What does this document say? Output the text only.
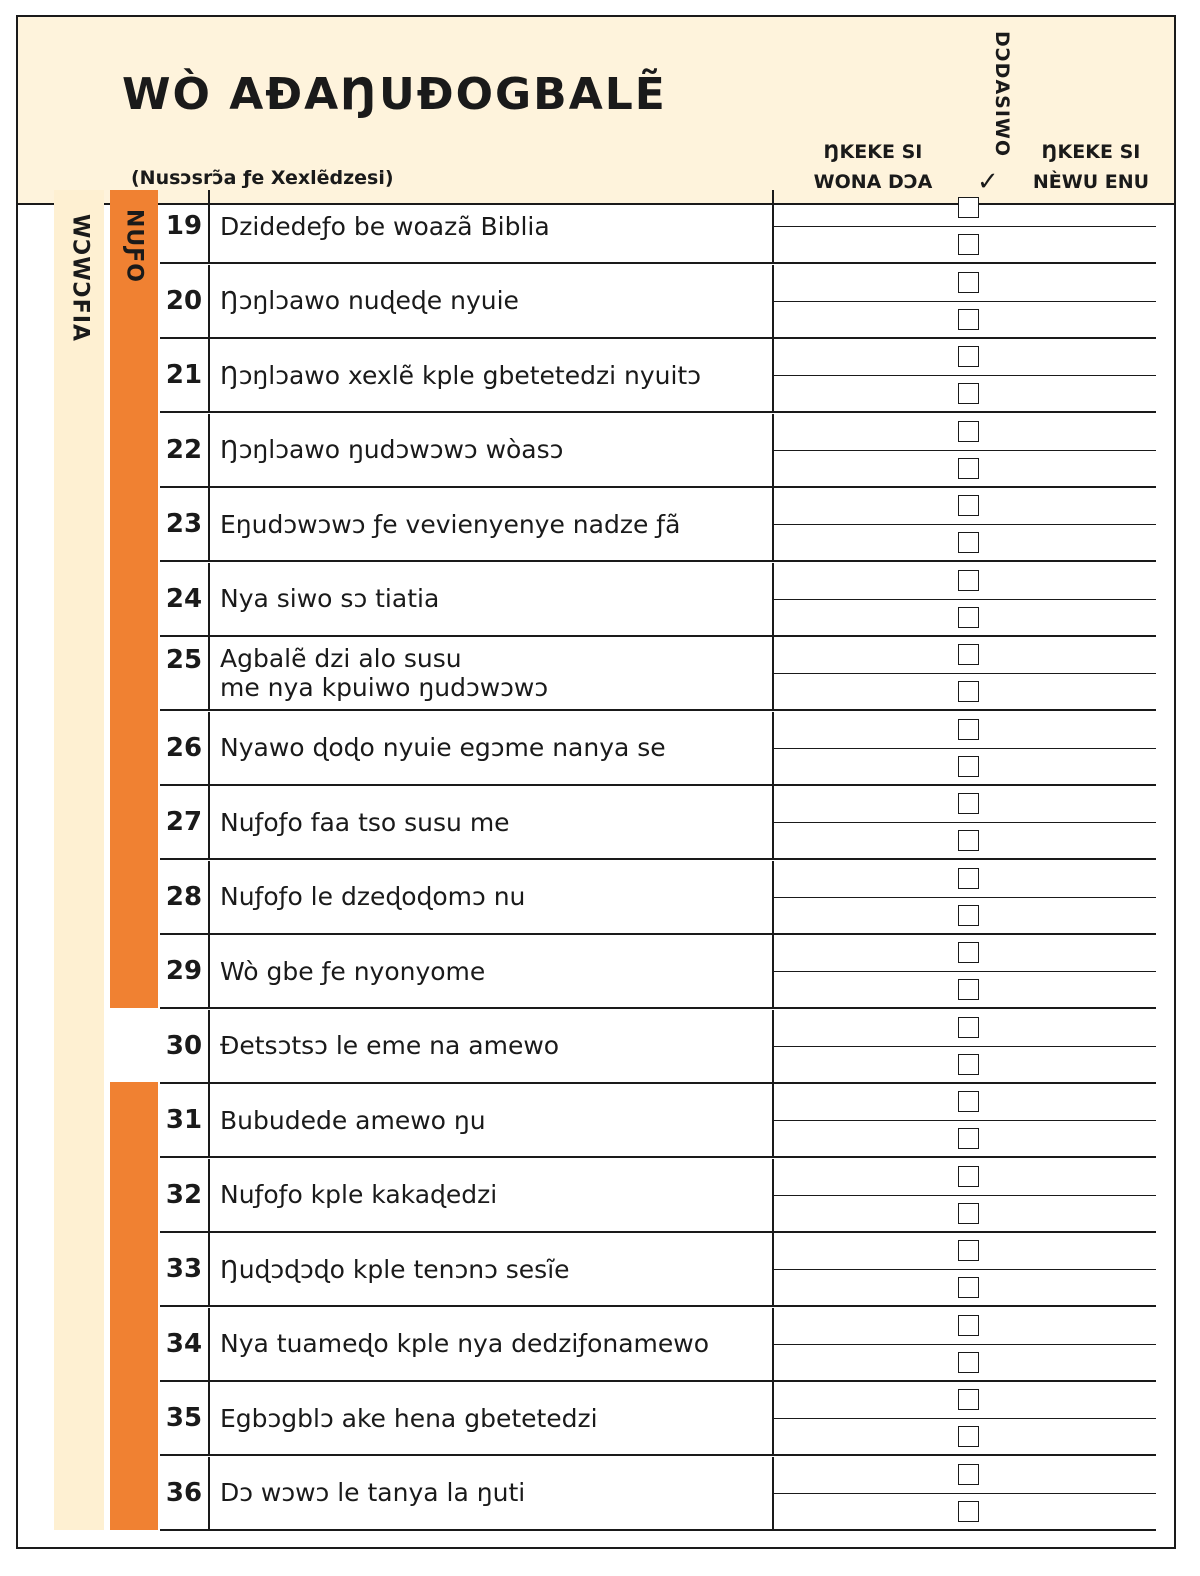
WÒ AƉAŊUƉOGBALẼ
(Nusɔsrɔ̃a ƒe Xexlẽdzesi)
ŊKEKE SI
WONA DƆA
DƆDASIWO
✓
ŊKEKE SI
NÈWU ENU
WƆWƆFIA NUƑO 19 Dzidedeƒo be woazã Biblia
20 Ŋɔŋlɔawo nuɖeɖe nyuie
21 Ŋɔŋlɔawo xexlẽ kple gbetetedzi nyuitɔ
22 Ŋɔŋlɔawo ŋudɔwɔwɔ wòasɔ
23 Eŋudɔwɔwɔ ƒe vevienyenye nadze ƒã
24 Nya siwo sɔ tiatia
25 Agbalẽ dzi alo susu
me nya kpuiwo ŋudɔwɔwɔ
26 Nyawo ɖoɖo nyuie egɔme nanya se
27 Nuƒoƒo faa tso susu me
28 Nuƒoƒo le dzeɖoɖomɔ nu
29 Wò gbe ƒe nyonyome
30 Ɖetsɔtsɔ le eme na amewo
31 Bubudede amewo ŋu
32 Nuƒoƒo kple kakaɖedzi
33 Ŋuɖɔɖɔɖo kple tenɔnɔ sesĩe
34 Nya tuameɖo kple nya dedziƒonamewo
35 Egbɔgblɔ ake hena gbetetedzi
36 Dɔ wɔwɔ le tanya la ŋuti
